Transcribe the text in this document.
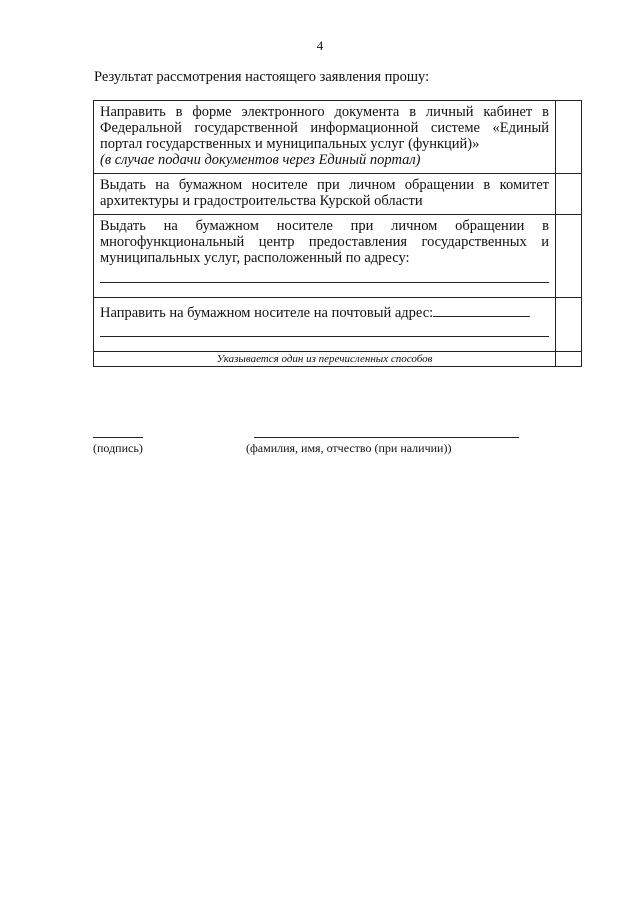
4
Результат рассмотрения настоящего заявления прошу:
Направить в форме электронного документа в личный кабинет в Федеральной государственной информационной системе «Единый портал государственных и муниципальных услуг (функций)»
(в случае подачи документов через Единый портал)	

Выдать на бумажном носителе при личном обращении в комитет архитектуры и градостроительства Курской области	

Выдать на бумажном носителе при личном обращении в многофункциональный центр предоставления государственных и муниципальных услуг, расположенный по адресу:	

Направить на бумажном носителе на почтовый адрес:	

Указывается один из перечисленных способов	
(подпись)	(фамилия, имя, отчество (при наличии))
